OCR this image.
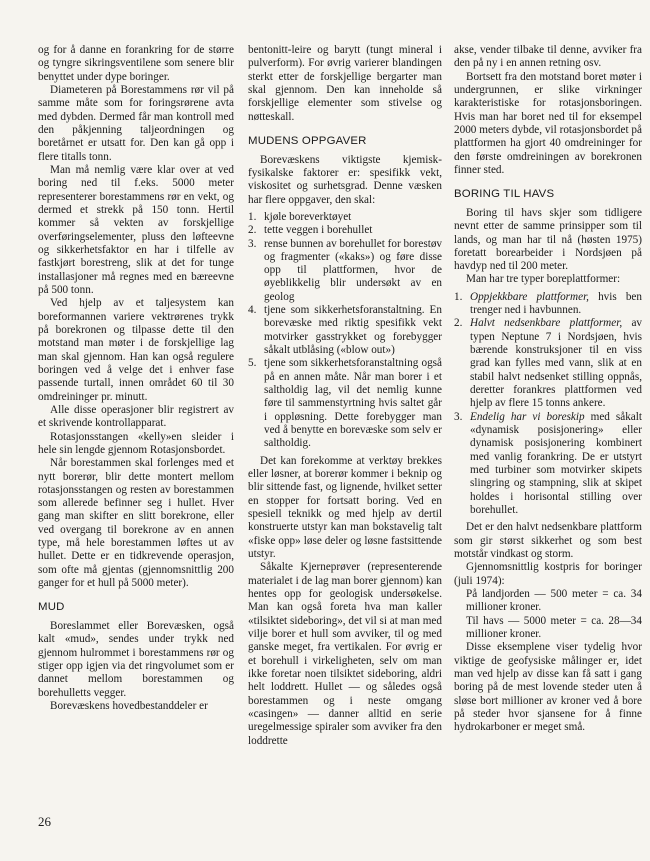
og for å danne en forankring for de større og tyngre sikringsventilene som senere blir benyttet under dype boringer.

Diameteren på Borestammens rør vil på samme måte som for foringsrørene avta med dybden. Dermed får man kontroll med den påkjenning taljeordningen og boretårnet er utsatt for. Den kan gå opp i flere titalls tonn.

Man må nemlig være klar over at ved boring ned til f.eks. 5000 meter representerer borestammens rør en vekt, og dermed et strekk på 150 tonn. Hertil kommer så vekten av forskjellige overføringselementer, pluss den løfteevne og sikkerhetsfaktor en har i tilfelle av fastkjørt borestreng, slik at det for tunge installasjoner må regnes med en bæreevne på 500 tonn.

Ved hjelp av et taljesystem kan boreformannen variere vektrørenes trykk på borekronen og tilpasse dette til den motstand man møter i de forskjellige lag man skal gjennom. Han kan også regulere boringen ved å velge det i enhver fase passende turtall, innen området 60 til 30 omdreininger pr. minutt.

Alle disse operasjoner blir registrert av et skrivende kontrollapparat.

Rotasjonsstangen «kelly»en sleider i hele sin lengde gjennom Rotasjonsbordet.

Når borestammen skal forlenges med et nytt borerør, blir dette montert mellom rotasjonsstangen og resten av borestammen som allerede befinner seg i hullet. Hver gang man skifter en slitt borekrone, eller ved overgang til borekrone av en annen type, må hele borestammen løftes ut av hullet. Dette er en tidkrevende operasjon, som ofte må gjentas (gjennomsnittlig 200 ganger for et hull på 5000 meter).

MUD

Boreslammet eller Borevæsken, også kalt «mud», sendes under trykk ned gjennom hulrommet i borestammens rør og stiger opp igjen via det ringvolumet som er dannet mellom borestammen og borehulletts vegger.

Borevæskens hovedbestanddeler er

bentonitt-leire og barytt (tungt mineral i pulverform). For øvrig varierer blandingen sterkt etter de forskjellige bergarter man skal gjennom. Den kan inneholde så forskjellige elementer som stivelse og nøtteskall.

MUDENS OPPGAVER

Borevæskens viktigste kjemisk-fysikalske faktorer er: spesifikk vekt, viskositet og surhetsgrad. Denne væsken har flere oppgaver, den skal:

1. kjøle boreverktøyet
2. tette veggen i borehullet
3. rense bunnen av borehullet for borestøv og fragmenter («kaks») og føre disse opp til plattformen, hvor de øyeblikkelig blir undersøkt av en geolog
4. tjene som sikkerhetsforanstaltning. En borevæske med riktig spesifikk vekt motvirker gasstrykket og forebygger såkalt utblåsing («blow out»)
5. tjene som sikkerhetsforanstaltning også på en annen måte. Når man borer i et saltholdig lag, vil det nemlig kunne føre til sammenstyrtning hvis saltet går i oppløsning. Dette forebygger man ved å benytte en borevæske som selv er saltholdig.

Det kan forekomme at verktøy brekkes eller løsner, at borerør kommer i beknip og blir sittende fast, og lignende, hvilket setter en stopper for fortsatt boring. Ved en spesiell teknikk og med hjelp av dertil konstruerte utstyr kan man bokstavelig talt «fiske opp» løse deler og løsne fastsittende utstyr.

Såkalte Kjerneprøver (representerende materialet i de lag man borer gjennom) kan hentes opp for geologisk undersøkelse. Man kan også foreta hva man kaller «tilsiktet sideboring», det vil si at man med vilje borer et hull som avviker, til og med ganske meget, fra vertikalen. For øvrig er et borehull i virkeligheten, selv om man ikke foretar noen tilsiktet sideboring, aldri helt loddrett. Hullet — og således også borestammen og i neste omgang «casingen» — danner alltid en serie uregelmessige spiraler som avviker fra den loddrette

akse, vender tilbake til denne, avviker fra den på ny i en annen retning osv.

Bortsett fra den motstand boret møter i undergrunnen, er slike virkninger karakteristiske for rotasjonsboringen. Hvis man har boret ned til for eksempel 2000 meters dybde, vil rotasjonsbordet på plattformen ha gjort 40 omdreininger for den første omdreiningen av borekronen finner sted.

BORING TIL HAVS

Boring til havs skjer som tidligere nevnt etter de samme prinsipper som til lands, og man har til nå (høsten 1975) foretatt borearbeider i Nordsjøen på havdyp ned til 200 meter.

Man har tre typer boreplattformer:

1. Oppjekkbare plattformer, hvis ben trenger ned i havbunnen.
2. Halvt nedsenkbare plattformer, av typen Neptune 7 i Nordsjøen, hvis bærende konstruksjoner til en viss grad kan fylles med vann, slik at en stabil halvt nedsenket stilling oppnås, deretter forankres plattformen ved hjelp av flere 15 tonns ankere.
3. Endelig har vi boreskip med såkalt «dynamisk posisjonering» eller dynamisk posisjonering kombinert med vanlig forankring. De er utstyrt med turbiner som motvirker skipets slingring og stampning, slik at skipet holdes i horisontal stilling over borehullet.

Det er den halvt nedsenkbare plattform som gir størst sikkerhet og som best motstår vindkast og storm.

Gjennomsnittlig kostpris for boringer (juli 1974):

På landjorden — 500 meter = ca. 34 millioner kroner.

Til havs — 5000 meter = ca. 28—34 millioner kroner.

Disse eksemplene viser tydelig hvor viktige de geofysiske målinger er, idet man ved hjelp av disse kan få satt i gang boring på de mest lovende steder uten å sløse bort millioner av kroner ved å bore på steder hvor sjansene for å finne hydrokarboner er meget små.

26
